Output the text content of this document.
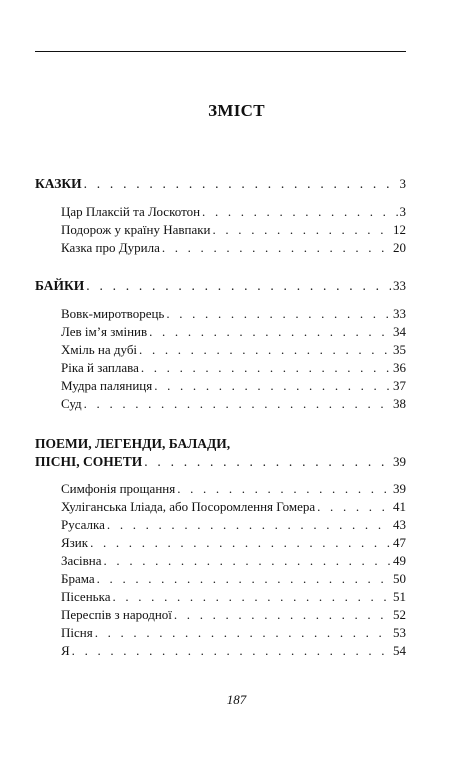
ЗМІСТ
КАЗКИ . . .	3
Цар Плаксій та Лоскотон . . .	3
Подорож у країну Навпаки . . .	12
Казка про Дурила . . .	20
БАЙКИ . . .	33
Вовк-миротворець . . .	33
Лев ім’я змінив . . .	34
Хміль на дубі . . .	35
Ріка й заплава . . .	36
Мудра паляниця . . .	37
Суд . . .	38
ПОЕМИ, ЛЕГЕНДИ, БАЛАДИ,
ПІСНІ, СОНЕТИ . . .	39
Симфонія прощання . . .	39
Хуліганська Іліада, або Посоромлення Гомера . . .	41
Русалка . . .	43
Язик . . .	47
Засівна . . .	49
Брама . . .	50
Пісенька . . .	51
Переспів з народної . . .	52
Пісня . . .	53
Я . . .	54
187
